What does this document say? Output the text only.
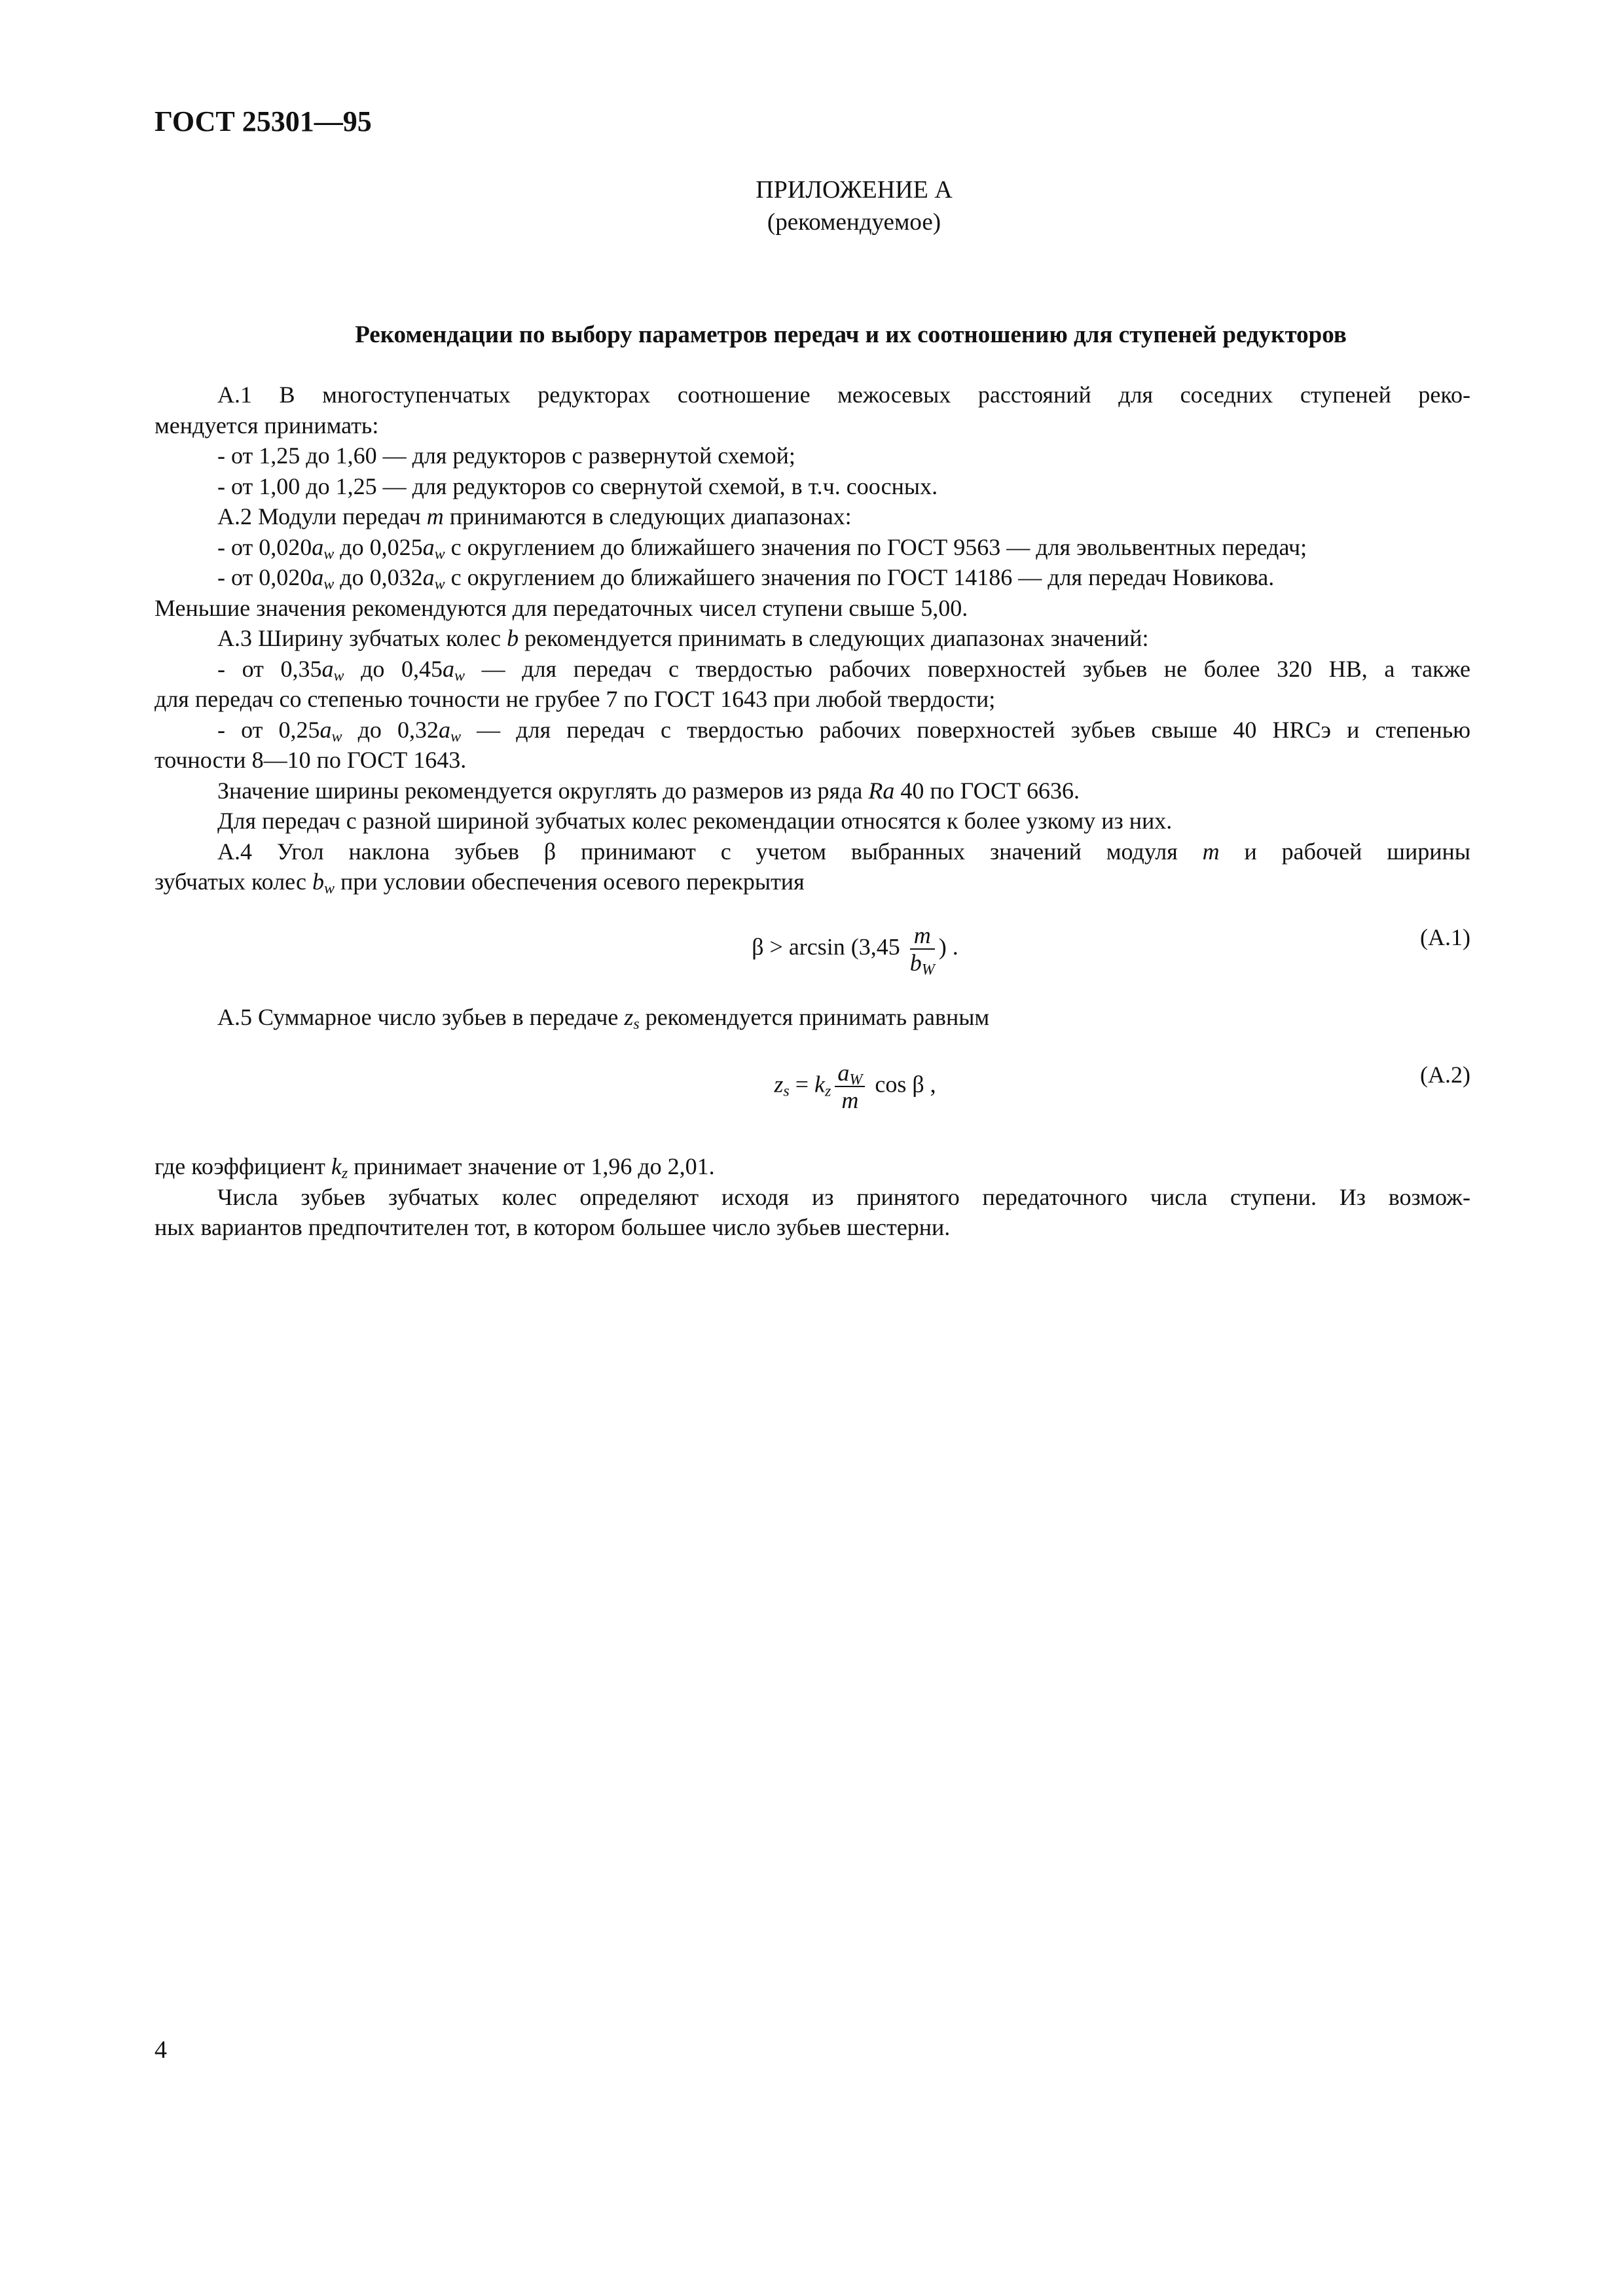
ГОСТ 25301—95
ПРИЛОЖЕНИЕ А
(рекомендуемое)
Рекомендации по выбору параметров передач и их соотношению для ступеней редукторов

А.1 В многоступенчатых редукторах соотношение межосевых расстояний для соседних ступеней реко-

мендуется принимать:

- от 1,25 до 1,60 — для редукторов с развернутой схемой;

- от 1,00 до 1,25 — для редукторов со свернутой схемой, в т.ч. соосных.

А.2 Модули передач m принимаются в следующих диапазонах:

- от $0,020a_w$ до $0,025a_w$ с округлением до ближайшего значения по ГОСТ 9563 — для эвольвентных передач;

- от $0,020a_w$ до $0,032a_w$ с округлением до ближайшего значения по ГОСТ 14186 — для передач Новикова.

Меньшие значения рекомендуются для передаточных чисел ступени свыше 5,00.

А.3 Ширину зубчатых колес b рекомендуется принимать в следующих диапазонах значений:

- от $0,35a_w$ до $0,45a_w$ — для передач с твердостью рабочих поверхностей зубьев не более 320 НВ, а также

для передач со степенью точности не грубее 7 по ГОСТ 1643 при любой твердости;

- от $0,25a_w$ до $0,32a_w$ — для передач с твердостью рабочих поверхностей зубьев свыше 40 HRCэ и степенью

точности 8—10 по ГОСТ 1643.

Значение ширины рекомендуется округлять до размеров из ряда Ra 40 по ГОСТ 6636.

Для передач с разной шириной зубчатых колес рекомендации относятся к более узкому из них.

А.4 Угол наклона зубьев β принимают с учетом выбранных значений модуля m и рабочей ширины

зубчатых колес $b_w$ при условии обеспечения осевого перекрытия

$\beta > \arcsin (3,45 \frac{m}{b_W}$ ) .	(А.1)

А.5 Суммарное число зубьев в передаче $z_s$ рекомендуется принимать равным

$z_s = k_z \frac{a_W}{m}$ cos β ,	(А.2)

где коэффициент $k_z$ принимает значение от 1,96 до 2,01.

Числа зубьев зубчатых колес определяют исходя из принятого передаточного числа ступени. Из возмож-

ных вариантов предпочтителен тот, в котором большее число зубьев шестерни.

4
